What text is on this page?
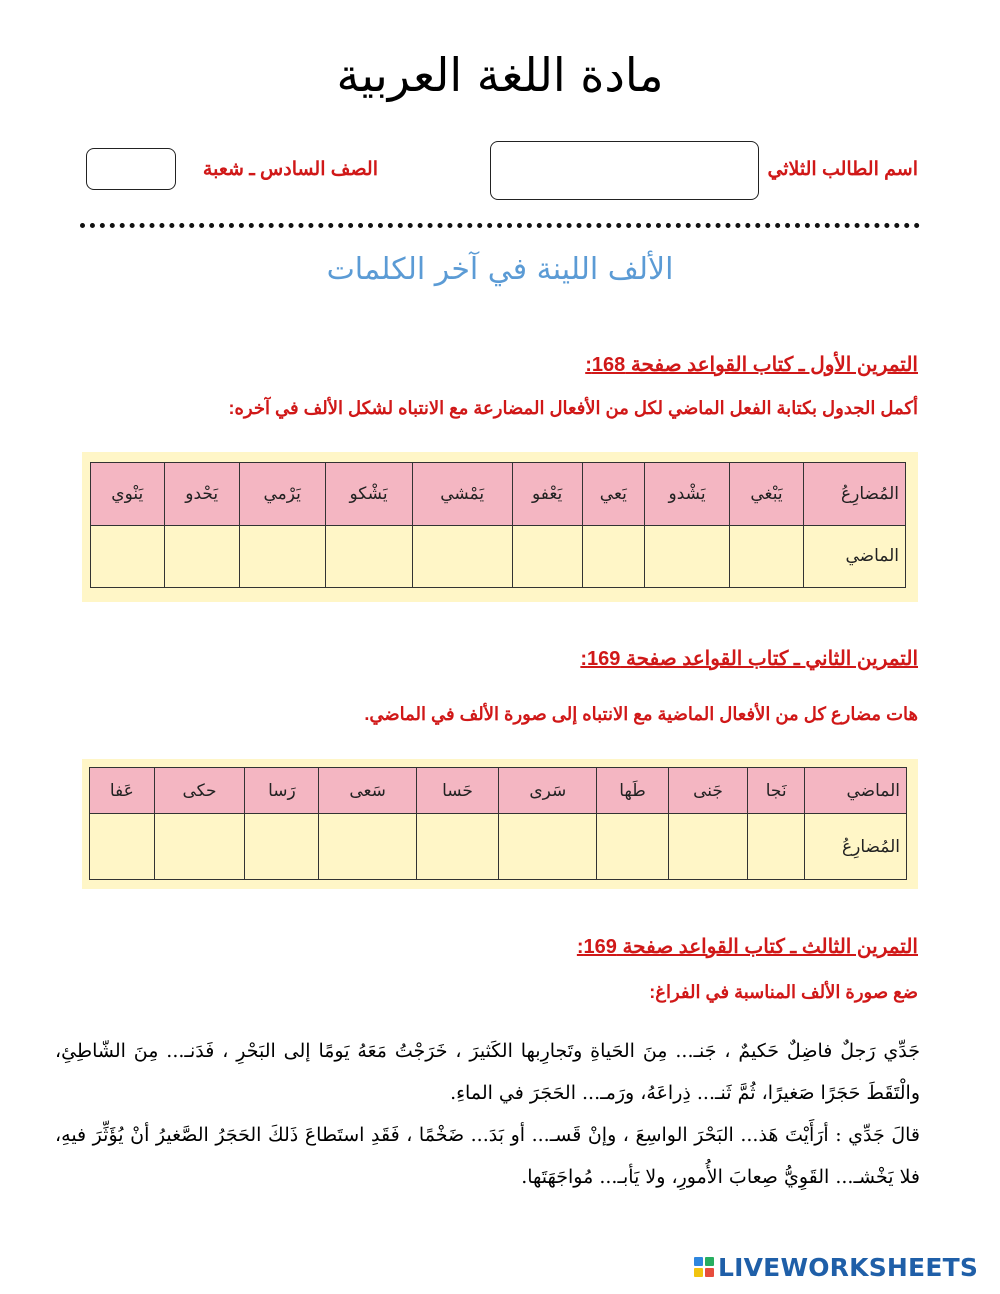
مادة اللغة العربية
اسم الطالب الثلاثي
الصف السادس ـ شعبة
الألف اللينة في آخر الكلمات
التمرين الأول ـ كتاب القواعد صفحة 168:
أكمل الجدول بكتابة الفعل الماضي لكل من الأفعال المضارعة مع الانتباه لشكل الألف في آخره:
المُضارِعُ	يَبْغي	يَشْدو	يَعي	يَعْفو	يَمْشي	يَشْكو	يَرْمي	يَحْدو	يَنْوي
الماضي									
التمرين الثاني ـ كتاب القواعد صفحة 169:
هات مضارع كل من الأفعال الماضية مع الانتباه إلى صورة الألف في الماضي.
الماضي	نَجا	جَنى	طَها	سَرى	حَسا	سَعى	رَسا	حكى	عَفا
المُضارِعُ									
التمرين الثالث ـ كتاب القواعد صفحة 169:
ضع صورة الألف المناسبة في الفراغ:

جَدِّي رَجلٌ فاضِلٌ حَكيمٌ ، جَنـ... مِنَ الحَياةِ وتَجارِبها الكَثيرَ ، خَرَجْتُ مَعَهُ يَومًا إلى البَحْرِ ، فَدَنـ... مِنَ الشّاطِئِ، والْتَقَطَ حَجَرًا صَغيرًا، ثُمَّ ثَنـ... ذِراعَهُ، ورَمـ... الحَجَرَ في الماءِ.

قالَ جَدِّي : أرَأَيْتَ هَذ... البَحْرَ الواسِعَ ، وإنْ قَسـ... أو بَدَ... ضَخْمًا ، فَقَدِ استَطاعَ ذَلكَ الحَجَرُ الصَّغيرُ أنْ يُؤَثِّرَ فيهِ، فلا يَخْشـ... القَوِيُّ صِعابَ الأُمورِ، ولا يَأبـ... مُواجَهَتَها.

LIVEWORKSHEETS
